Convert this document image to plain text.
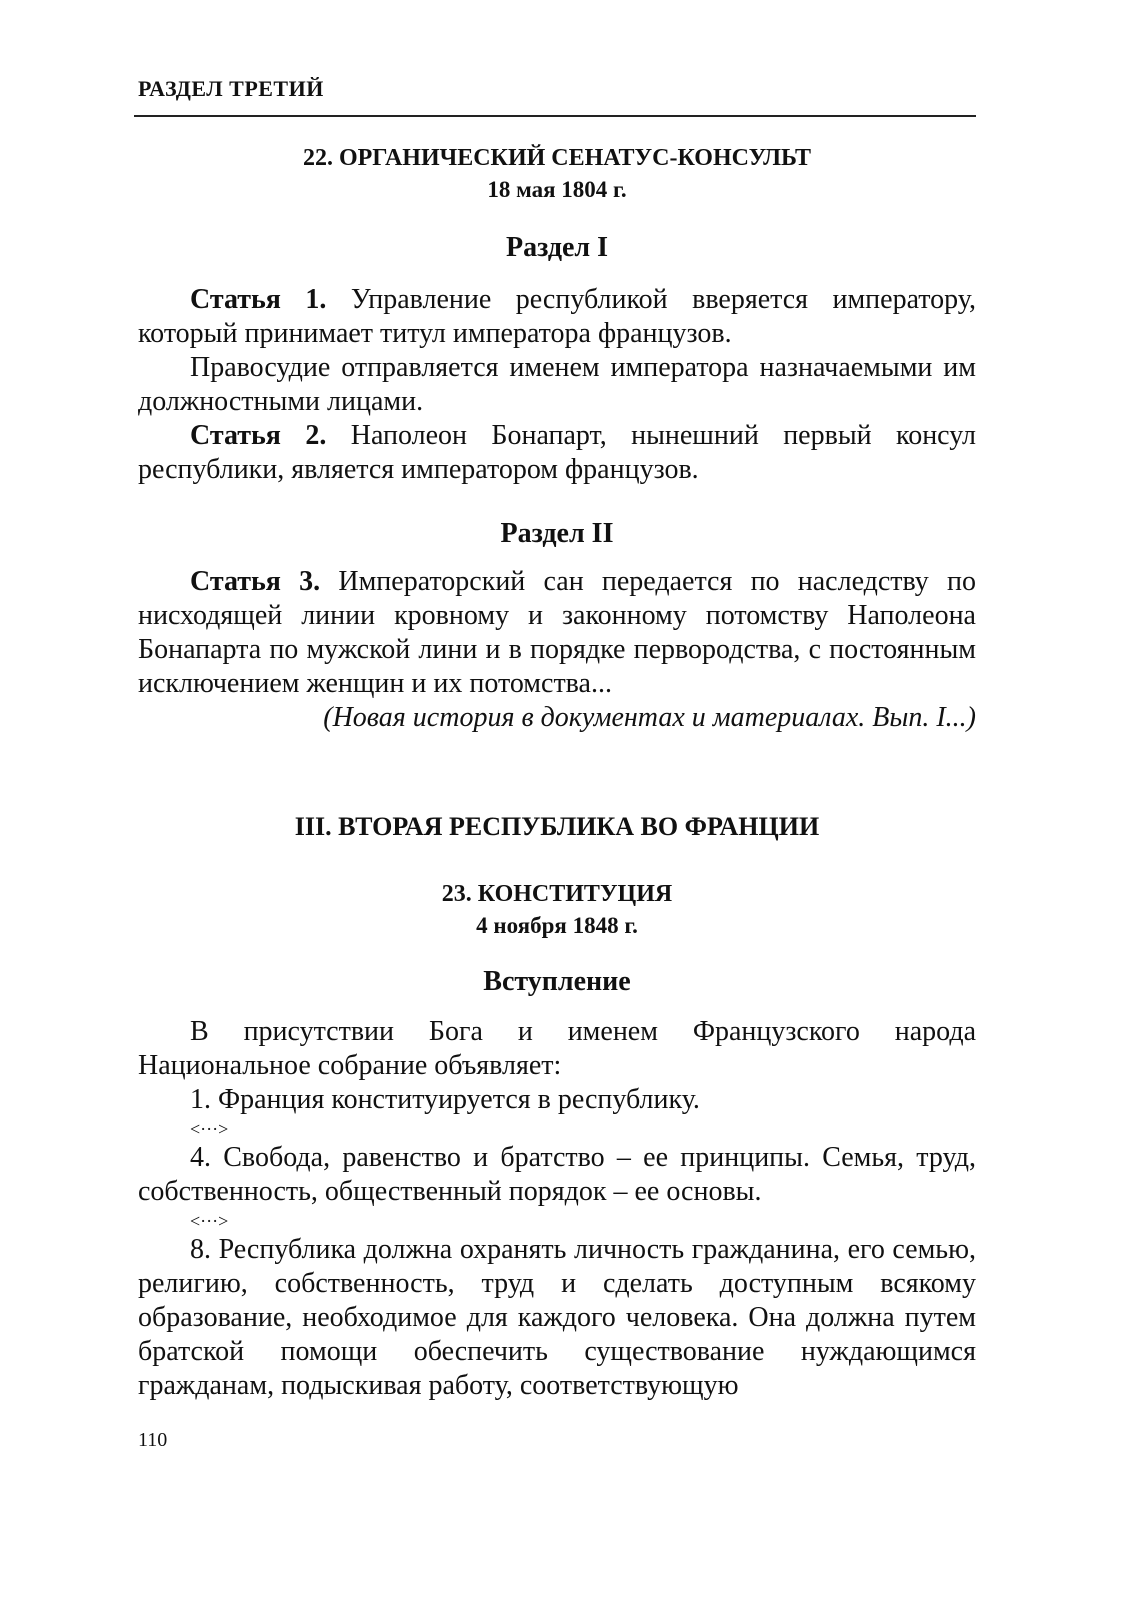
РАЗДЕЛ ТРЕТИЙ

22. ОРГАНИЧЕСКИЙ СЕНАТУС-КОНСУЛЬТ

18 мая 1804 г.

Раздел I

Статья 1. Управление республикой вверяется императору, который принимает титул императора французов.

Правосудие отправляется именем императора назначаемыми им должностными лицами.

Статья 2. Наполеон Бонапарт, нынешний первый консул республики, является императором французов.

Раздел II

Статья 3. Императорский сан передается по наследству по нисходящей линии кровному и законному потомству Наполеона Бонапарта по мужской лини и в порядке первородства, с постоянным исключением женщин и их потомства...

(Новая история в документах и материалах. Вып. I...)

III. ВТОРАЯ РЕСПУБЛИКА ВО ФРАНЦИИ

23. КОНСТИТУЦИЯ

4 ноября 1848 г.

Вступление

В присутствии Бога и именем Французского народа Национальное собрание объявляет:

1. Франция конституируется в республику.

<···>

4. Свобода, равенство и братство – ее принципы. Семья, труд, собственность, общественный порядок – ее основы.

<···>

8. Республика должна охранять личность гражданина, его семью, религию, собственность, труд и сделать доступным всякому образование, необходимое для каждого человека. Она должна путем братской помощи обеспечить существование нуждающимся гражданам, подыскивая работу, соответствующую

110
